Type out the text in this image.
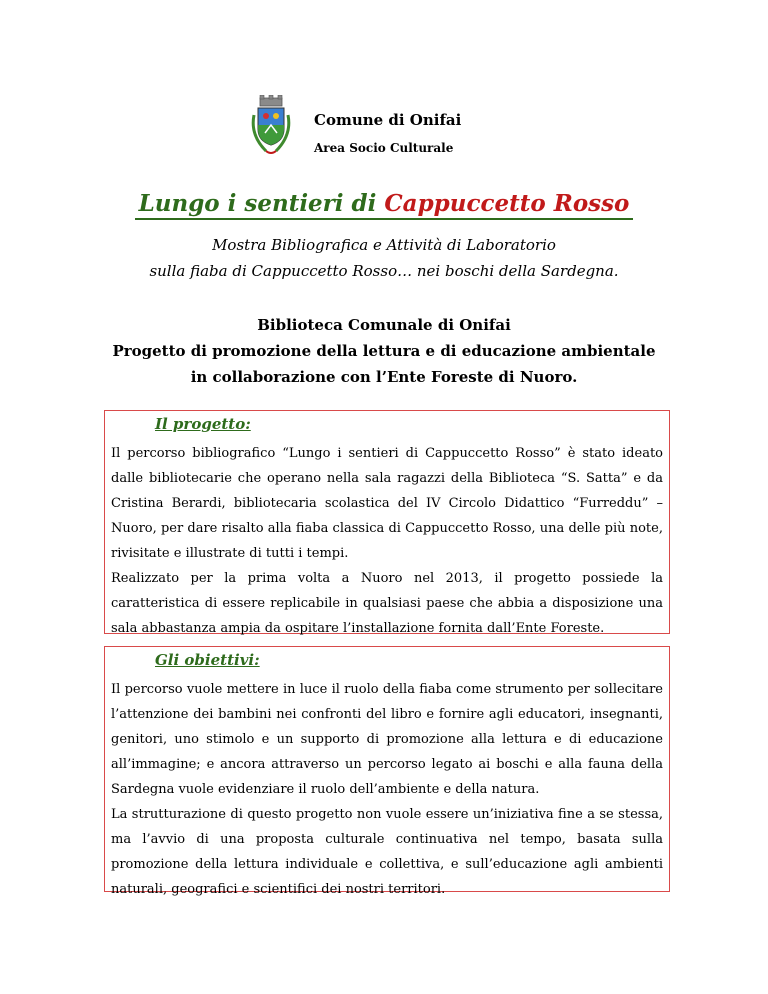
Comune di Onifai
Area Socio Culturale
Lungo i sentieri di Cappuccetto Rosso
Mostra Bibliografica e Attività di Laboratorio
sulla fiaba di Cappuccetto Rosso… nei boschi della Sardegna.
Biblioteca Comunale di Onifai
Progetto di promozione della lettura e di educazione ambientale
in collaborazione con l’Ente Foreste di Nuoro.
Il progetto:

Il percorso bibliografico “Lungo i sentieri di Cappuccetto Rosso” è stato ideato dalle bibliotecarie che operano nella sala ragazzi della Biblioteca “S. Satta” e da Cristina Berardi, bibliotecaria scolastica del IV Circolo Didattico “Furreddu” – Nuoro, per dare risalto alla fiaba classica di Cappuccetto Rosso, una delle più note, rivisitate e illustrate di tutti i tempi.

Realizzato per la prima volta a Nuoro nel 2013, il progetto possiede la caratteristica di essere replicabile in qualsiasi paese che abbia a disposizione una sala abbastanza ampia da ospitare l’installazione fornita dall’Ente Foreste.

Gli obiettivi:

Il percorso vuole mettere in luce il ruolo della fiaba come strumento per sollecitare l’attenzione dei bambini nei confronti del libro e fornire agli educatori, insegnanti, genitori, uno stimolo e un supporto di promozione alla lettura e di educazione all’immagine; e ancora attraverso un percorso legato ai boschi e alla fauna della Sardegna vuole evidenziare il ruolo dell’ambiente e della natura.

La strutturazione di questo progetto non vuole essere un’iniziativa fine a se stessa, ma l’avvio di una proposta culturale continuativa nel tempo, basata sulla promozione della lettura individuale e collettiva, e sull’educazione agli ambienti naturali, geografici e scientifici dei nostri territori.
